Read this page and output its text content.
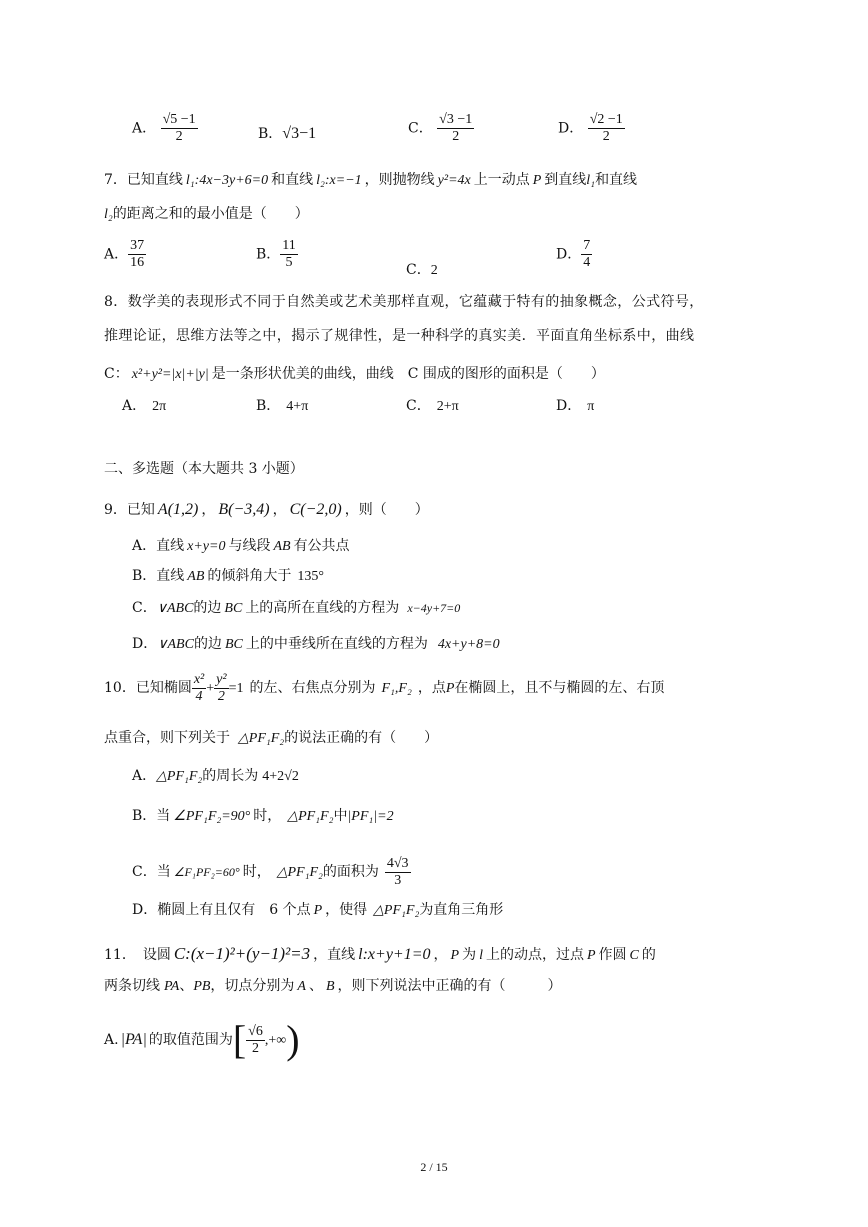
A． $\frac{√5 -1}{2}$	B．√3−1	C． $\frac{√3 -1}{2}$	D． $\frac{√2 -1}{2}$
7．已知直线 l₁:4x−3y+6=0 和直线 l₂:x=−1 ，则抛物线 y²=4x 上一动点 P 到直线l₁和直线
l₂的距离之和的最小值是（　　）
A． $\frac{37}{16}$	B． $\frac{11}{5}$	C．2
D． $\frac{7}{4}$
8．数学美的表现形式不同于自然美或艺术美那样直观，它蕴藏于特有的抽象概念，公式符号，
推理论证，思维方法等之中，揭示了规律性，是一种科学的真实美．平面直角坐标系中，曲线
C： x²+y²=|x|+|y| 是一条形状优美的曲线，曲线　C 围成的图形的面积是（　　）
A． 2π	B． 4+π	C． 2+π	D． π
二、多选题（本大题共 3 小题）
9．已知 A(1,2) ， B(−3,4) ， C(−2,0) ，则（　　）
A．直线 x+y=0 与线段 AB 有公共点
B．直线 AB 的倾斜角大于 135°
C．∨ABC的边 BC 上的高所在直线的方程为 x−4y+7=0
D．∨ABC的边 BC 上的中垂线所在直线的方程为 4x+y+8=0
10．已知椭圆 $\frac{\text{x²}}{4} + \frac{\text{y²}}{2} =1$ 的左、右焦点分别为 F₁,F₂ ，点P在椭圆上，且不与椭圆的左、右顶
点重合，则下列关于 △PF₁F₂的说法正确的有（　　）
A．△PF₁F₂的周长为 4+2√2
B．当 ∠PF₁F₂=90° 时， △PF₁F₂中|PF₁|=2
C．当 ∠F₁PF₂=60° 时， △PF₁F₂的面积为 $\frac{4√3}{3}$
D．椭圆上有且仅有　6 个点 P ，使得 △PF₁F₂为直角三角形
11．　设圆 C:(x−1)²+(y−1)²=3 ，直线 l:x+y+1=0 ， P 为 l 上的动点，过点 P 作圆 C 的
两条切线 PA、PB，切点分别为 A 、 B ，则下列说法中正确的有（　　　）
A. |PA| 的取值范围为[ $\frac{√6}{2}$ ,+∞)
2 / 15
